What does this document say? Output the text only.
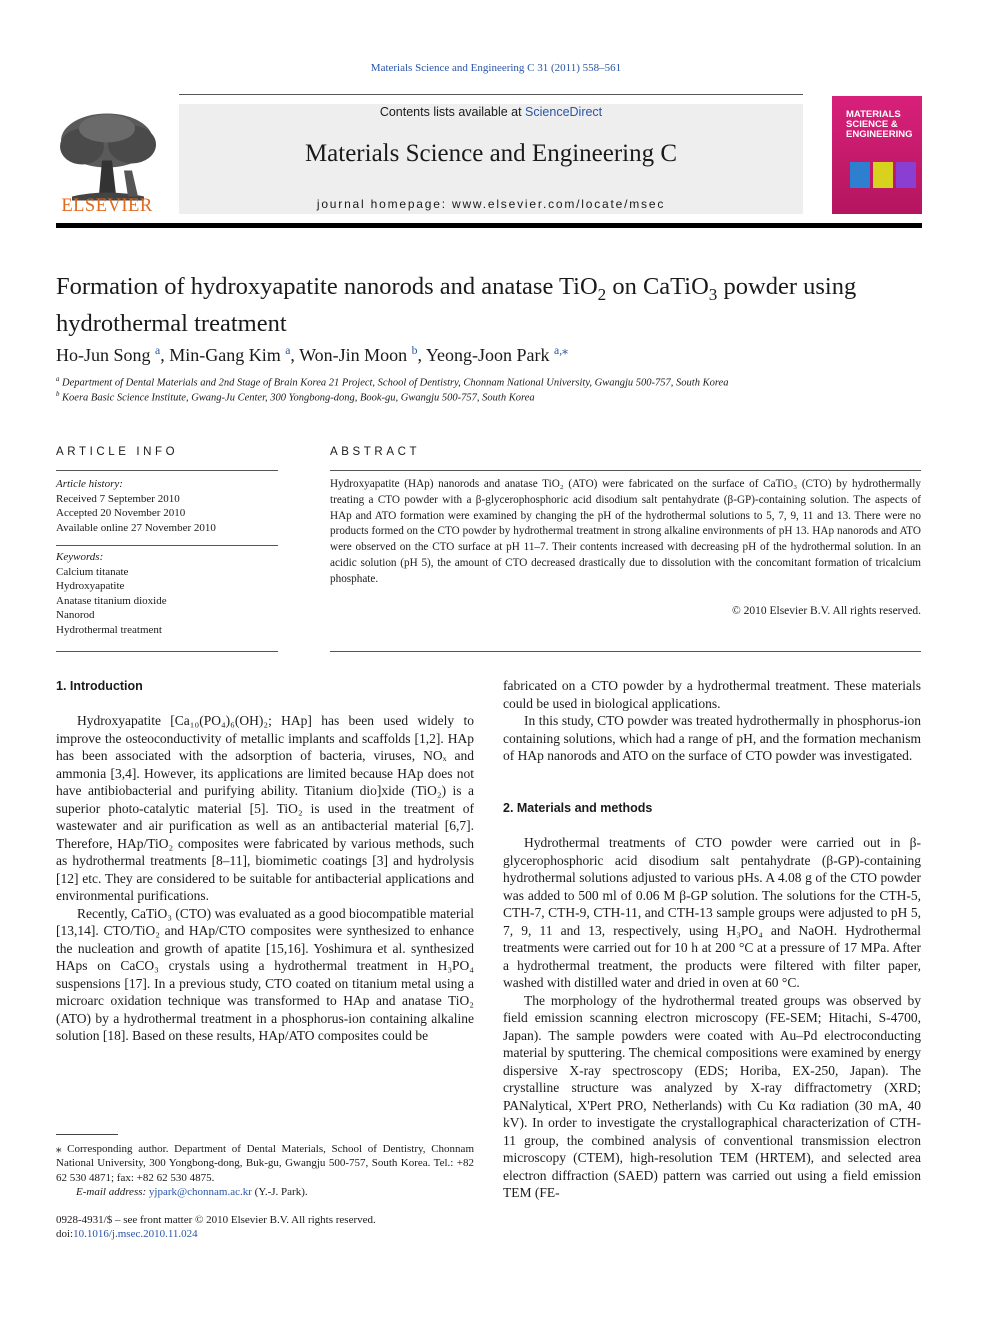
Materials Science and Engineering C 31 (2011) 558–561
Contents lists available at ScienceDirect
Materials Science and Engineering C
journal homepage: www.elsevier.com/locate/msec
ELSEVIER
MATERIALS
SCIENCE &
ENGINEERING
Formation of hydroxyapatite nanorods and anatase TiO$_2$ on CaTiO$_3$ powder using hydrothermal treatment
Ho-Jun Song $^a$, Min-Gang Kim $^a$, Won-Jin Moon $^b$, Yeong-Joon Park $^{a,⁎}$
$^a$ Department of Dental Materials and 2nd Stage of Brain Korea 21 Project, School of Dentistry, Chonnam National University, Gwangju 500-757, South Korea
$^b$ Koera Basic Science Institute, Gwang-Ju Center, 300 Yongbong-dong, Book-gu, Gwangju 500-757, South Korea
ARTICLE INFO
Article history:
Received 7 September 2010
Accepted 20 November 2010
Available online 27 November 2010
Keywords:
Calcium titanate
Hydroxyapatite
Anatase titanium dioxide
Nanorod
Hydrothermal treatment
ABSTRACT
Hydroxyapatite (HAp) nanorods and anatase TiO₂ (ATO) were fabricated on the surface of CaTiO₃ (CTO) by hydrothermally treating a CTO powder with a β-glycerophosphoric acid disodium salt pentahydrate (β-GP)-containing solution. The aspects of HAp and ATO formation were examined by changing the pH of the hydrothermal solutions to 5, 7, 9, 11 and 13. There were no products formed on the CTO powder by hydrothermal treatment in strong alkaline environments of pH 13. HAp nanorods and ATO were observed on the CTO surface at pH 11–7. Their contents increased with decreasing pH of the hydrothermal solution. In an acidic solution (pH 5), the amount of CTO decreased drastically due to dissolution with the concomitant formation of tricalcium phosphate.
© 2010 Elsevier B.V. All rights reserved.
1. Introduction

Hydroxyapatite [Ca₁₀(PO₄)₆(OH)₂; HAp] has been used widely to improve the osteoconductivity of metallic implants and scaffolds [1,2]. HAp has been associated with the adsorption of bacteria, viruses, NOₓ and ammonia [3,4]. However, its applications are limited because HAp does not have antibiobacterial and purifying ability. Titanium dio]xide (TiO₂) is a superior photo-catalytic material [5]. TiO₂ is used in the treatment of wastewater and air purification as well as an antibacterial material [6,7]. Therefore, HAp/TiO₂ composites were fabricated by various methods, such as hydrothermal treatments [8–11], biomimetic coatings [3] and hydrolysis [12] etc. They are considered to be suitable for antibacterial applications and environmental purifications.

Recently, CaTiO₃ (CTO) was evaluated as a good biocompatible material [13,14]. CTO/TiO₂ and HAp/CTO composites were synthesized to enhance the nucleation and growth of apatite [15,16]. Yoshimura et al. synthesized HAps on CaCO₃ crystals using a hydrothermal treatment in H₃PO₄ suspensions [17]. In a previous study, CTO coated on titanium metal using a microarc oxidation technique was transformed to HAp and anatase TiO₂ (ATO) by a hydrothermal treatment in a phosphorus-ion containing alkaline solution [18]. Based on these results, HAp/ATO composites could be

fabricated on a CTO powder by a hydrothermal treatment. These materials could be used in biological applications.

In this study, CTO powder was treated hydrothermally in phosphorus-ion containing solutions, which had a range of pH, and the formation mechanism of HAp nanorods and ATO on the surface of CTO powder was investigated.

2. Materials and methods

Hydrothermal treatments of CTO powder were carried out in β-glycerophosphoric acid disodium salt pentahydrate (β-GP)-containing hydrothermal solutions adjusted to various pHs. A 4.08 g of the CTO powder was added to 500 ml of 0.06 M β-GP solution. The solutions for the CTH-5, CTH-7, CTH-9, CTH-11, and CTH-13 sample groups were adjusted to pH 5, 7, 9, 11 and 13, respectively, using H₃PO₄ and NaOH. Hydrothermal treatments were carried out for 10 h at 200 °C at a pressure of 17 MPa. After a hydrothermal treatment, the products were filtered with filter paper, washed with distilled water and dried in oven at 60 °C.

The morphology of the hydrothermal treated groups was observed by field emission scanning electron microscopy (FE-SEM; Hitachi, S-4700, Japan). The sample powders were coated with Au–Pd electroconducting material by sputtering. The chemical compositions were examined by energy dispersive X-ray spectroscopy (EDS; Horiba, EX-250, Japan). The crystalline structure was analyzed by X-ray diffractometry (XRD; PANalytical, X'Pert PRO, Netherlands) with Cu Kα radiation (30 mA, 40 kV). In order to investigate the crystallographical characterization of CTH-11 group, the combined analysis of conventional transmission electron microscopy (CTEM), high-resolution TEM (HRTEM), and selected area electron diffraction (SAED) pattern was carried out using a field emission TEM (FE-

⁎ Corresponding author. Department of Dental Materials, School of Dentistry, Chonnam National University, 300 Yongbong-dong, Buk-gu, Gwangju 500-757, South Korea. Tel.: +82 62 530 4871; fax: +82 62 530 4875.
E-mail address: yjpark@chonnam.ac.kr (Y.-J. Park).
0928-4931/$ – see front matter © 2010 Elsevier B.V. All rights reserved.
doi:10.1016/j.msec.2010.11.024
